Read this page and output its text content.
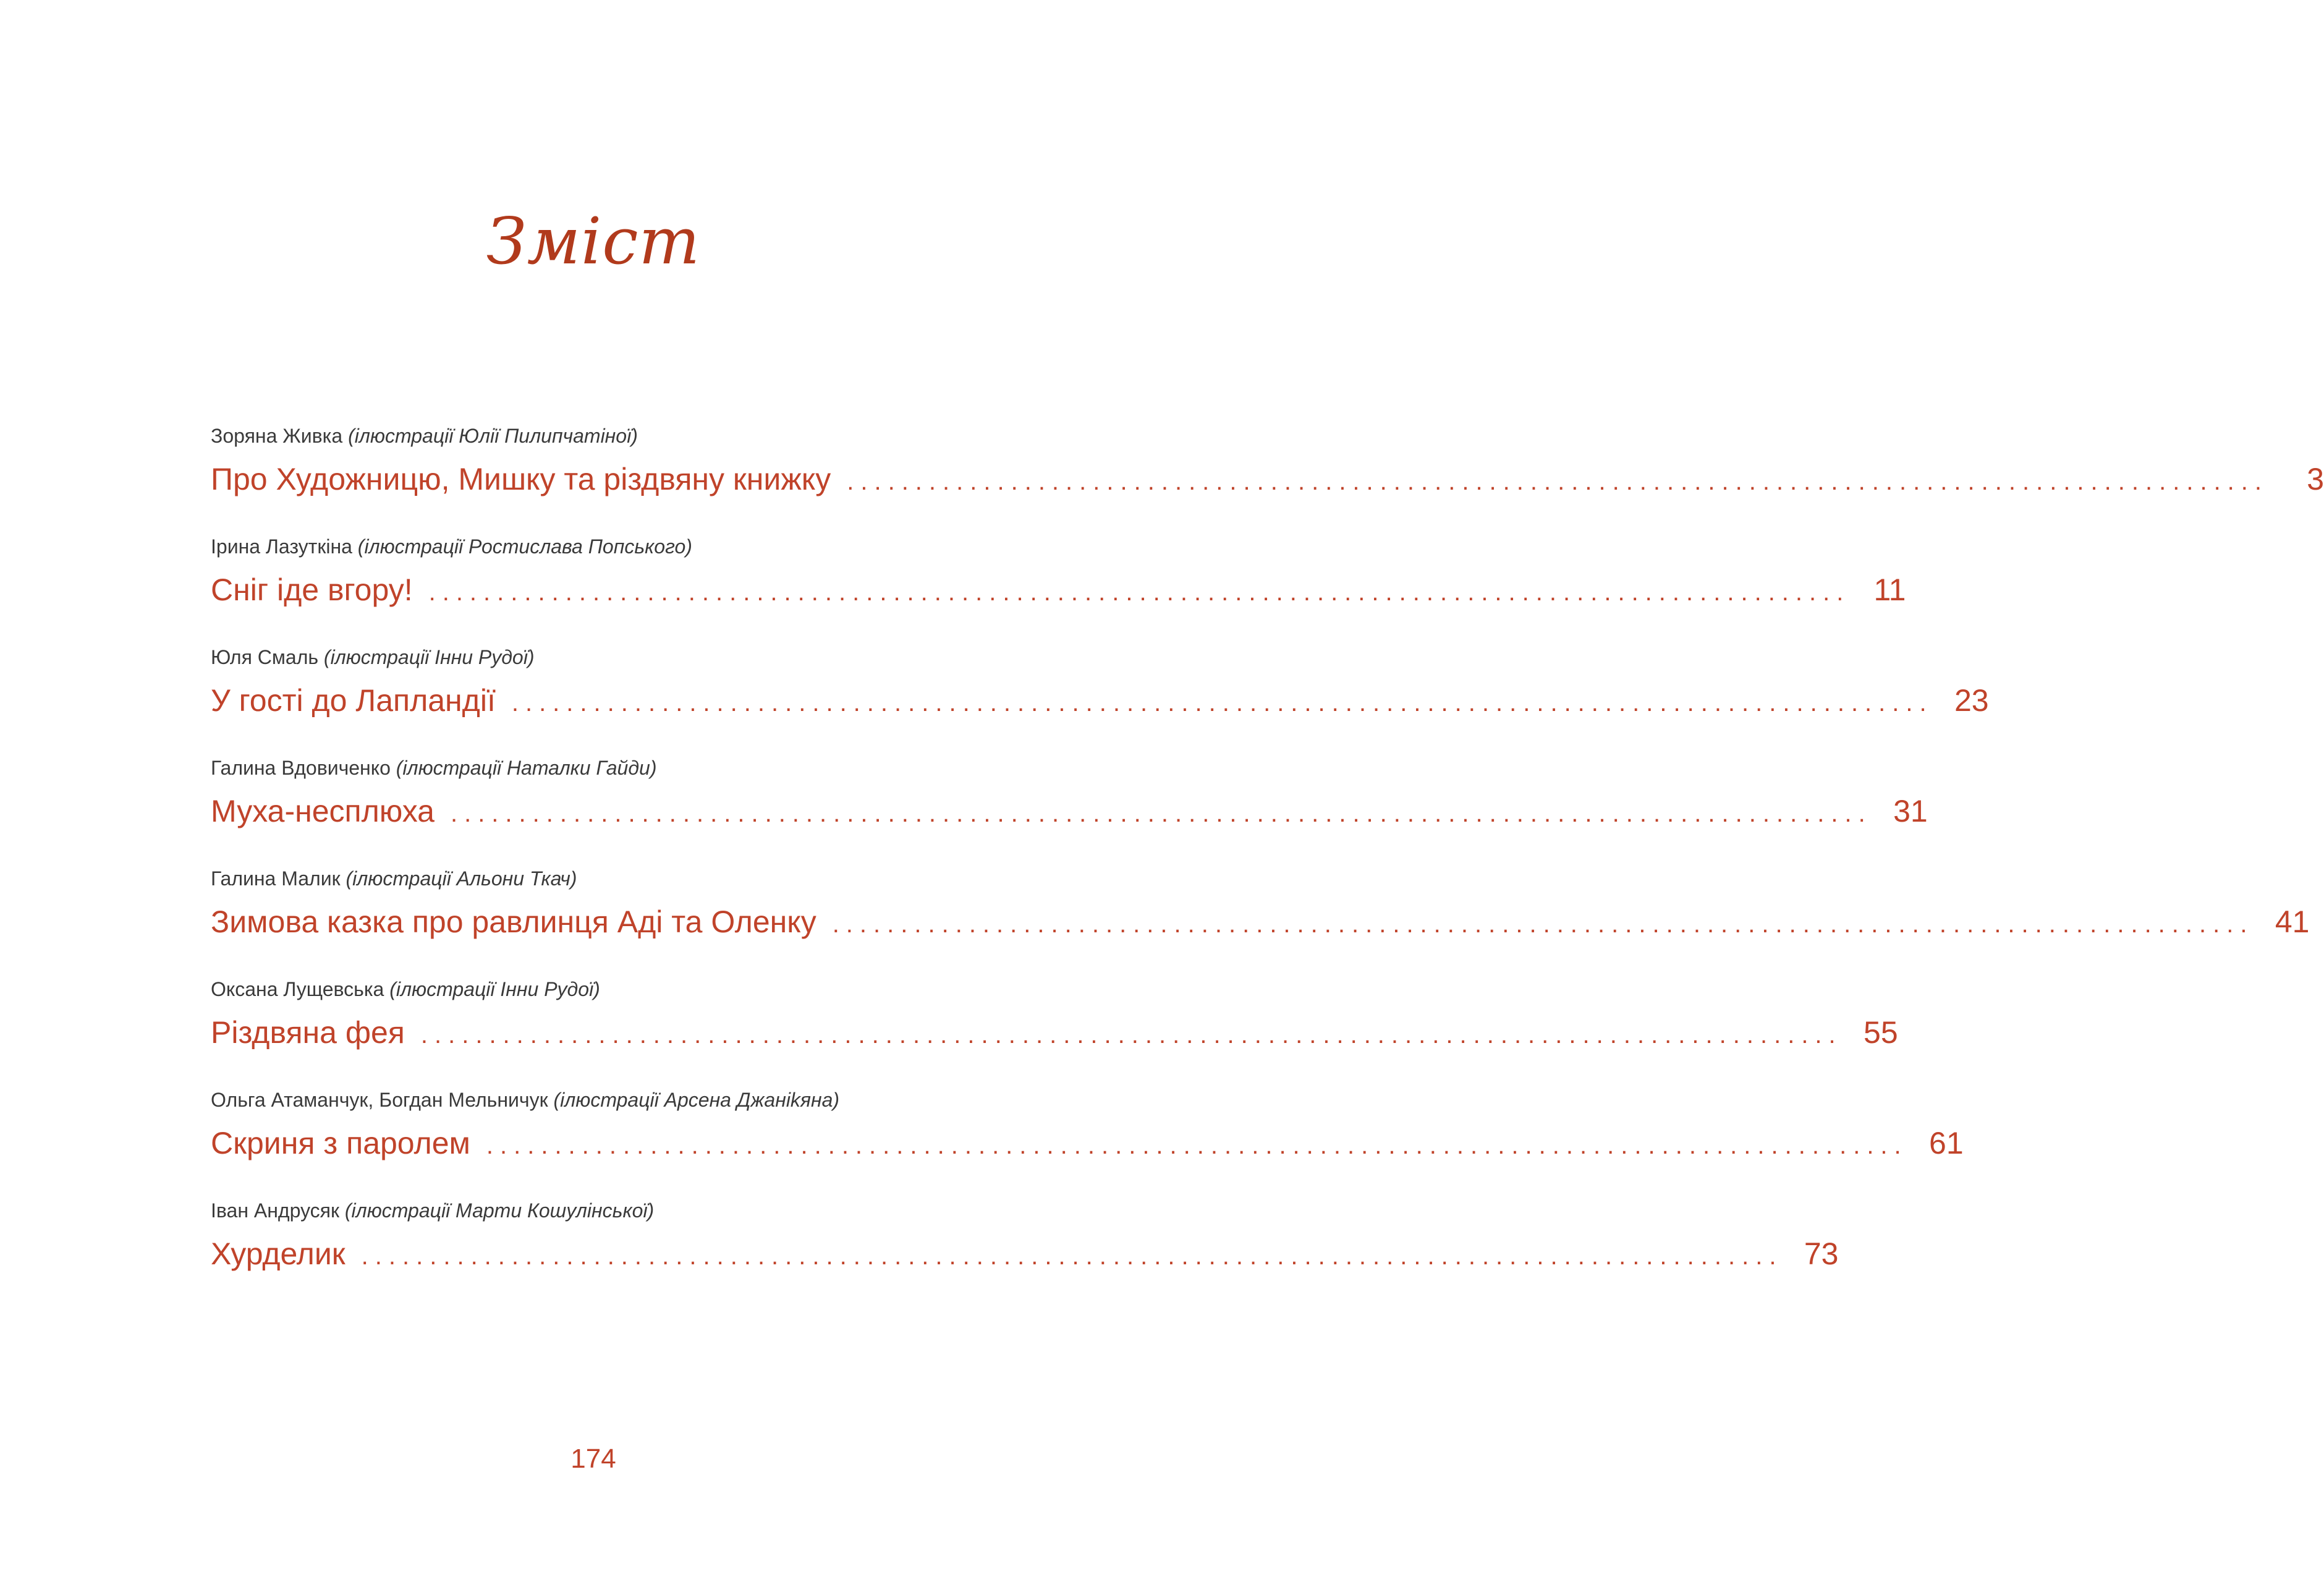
Зміст
Зоряна Живка (ілюстрації Юлії Пилипчатіної)
Про Художницю, Мишку та різдвяну книжку ........................................................................................................	3
Ірина Лазуткіна (ілюстрації Ростислава Попського)
Сніг іде вгору! ........................................................................................................ 11
Юля Смаль (ілюстрації Інни Рудої)
У гості до Лапландії ........................................................................................................ 23
Галина Вдовиченко (ілюстрації Наталки Гайди)
Муха-несплюха ........................................................................................................ 31
Галина Малик (ілюстрації Альони Ткач)
Зимова казка про равлинця Аді та Оленку ........................................................................................................ 41
Оксана Лущевська (ілюстрації Інни Рудої)
Різдвяна фея ........................................................................................................ 55
Ольга Атаманчук, Богдан Мельничук (ілюстрації Арсена Джаніkяна)
Скриня з паролем ........................................................................................................ 61
Іван Андрусяк (ілюстрації Марти Кошулінської)
Хурделик ........................................................................................................ 73
174
